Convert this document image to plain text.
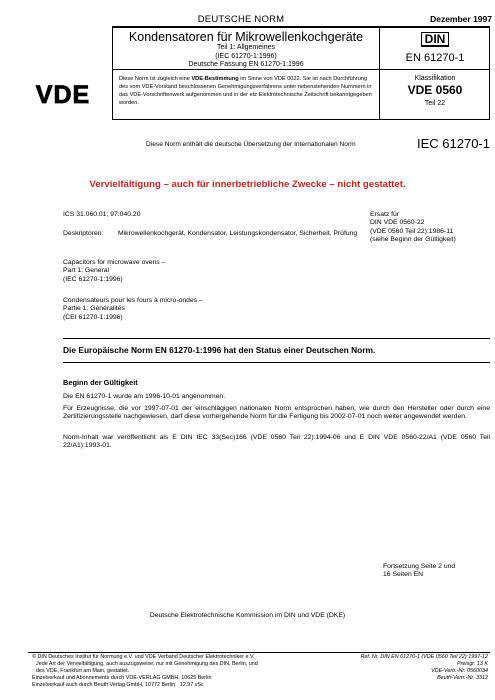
DEUTSCHE NORM	Dezember 1997
Kondensatoren für Mikrowellenkochgeräte
Teil 1: Allgemeines
(IEC 61270-1:1996)
Deutsche Fassung EN 61270-1:1996
DIN
EN 61270-1
Diese Norm ist zugleich eine VDE-Bestimmung im Sinne von VDE 0022. Sie ist nach Durchführung des vom VDE-Vorstand beschlossenen Genehmigungsverfahrens unter nebenstehenden Nummern in das VDE-Vorschriftenwerk aufgenommen und in der etz Elektrotechnische Zeitschrift bekanntgegeben worden.
Klassifikation
VDE 0560
Teil 22
VDE
Diese Norm enthält die deutsche Übersetzung der Internationalen Norm	IEC 61270-1
Vervielfältigung – auch für innerbetriebliche Zwecke – nicht gestattet.
ICS 31.060.01; 97.040.20
Deskriptoren:	Mikrowellenkochgerät, Kondensator, Leistungskondensator, Sicherheit, Prüfung
Ersatz für
DIN VDE 0560-22
(VDE 0560 Teil 22):1986-11
(siehe Beginn der Gültigkeit)
Capacitors for microwave ovens –
Part 1: General
(IEC 61270-1:1996)
Condensateurs pour les fours à micro-ondes –
Partie 1: Généralités
(CEI 61270-1:1996)
Die Europäische Norm EN 61270-1:1996 hat den Status einer Deutschen Norm.
Beginn der Gültigkeit
Die EN 61270-1 wurde am 1996-10-01 angenommen.
Für Erzeugnisse, die vor 1997-07-01 der einschlägigen nationalen Norm entsprochen haben, wie durch den Hersteller oder durch eine Zertifizierungsstelle nachgewiesen, darf diese vorhergehende Norm für die Fertigung bis 2002-07-01 noch weiter angewendet werden.
Norm-Inhalt war veröffentlicht als E DIN IEC 33(Sec)166 (VDE 0560 Teil 22):1994-06 und E DIN VDE 0560-22/A1 (VDE 0560 Teil 22/A1):1993-01.
Fortsetzung Seite 2 und
16 Seiten EN
Deutsche Elektrotechnische Kommission im DIN und VDE (DKE)
© DIN Deutsches Institut für Normung e.V. und VDE Verband Deutscher Elektrotechniker e.V.
Jede Art der Vervielfältigung, auch auszugsweise, nur mit Genehmigung des DIN, Berlin, und
des VDE, Frankfurt am Main, gestattet.
Einzelverkauf und Abonnements durch VDE-VERLAG GMBH, 10625 Berlin
Einzelverkauf auch durch Beuth Verlag GmbH, 10772 Berlin 12.97 vSc
Ref. Nr. DIN EN 61270-1 (VDE 0560 Teil 22):1997-12
Preisgr. 13 K
VDE-Vertr.-Nr. 0560034
Beuth-Vertr.-Nr. 3312
